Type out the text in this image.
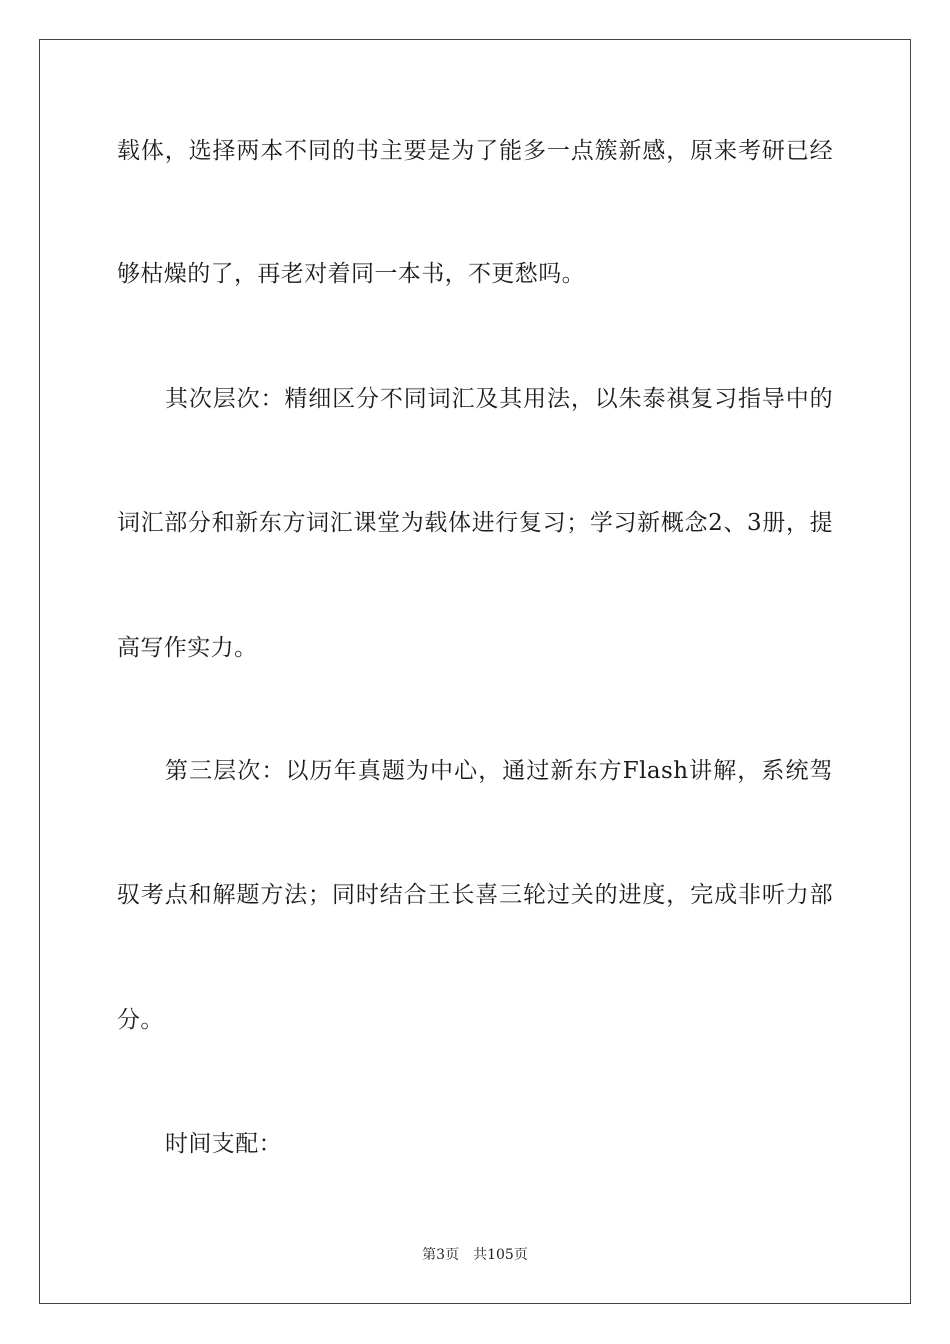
载体，选择两本不同的书主要是为了能多一点簇新感，原来考研已经
够枯燥的了，再老对着同一本书，不更愁吗。
其次层次：精细区分不同词汇及其用法，以朱泰祺复习指导中的
词汇部分和新东方词汇课堂为载体进行复习；学习新概念2、3册，提
高写作实力。
第三层次：以历年真题为中心，通过新东方Flash讲解，系统驾
驭考点和解题方法；同时结合王长喜三轮过关的进度，完成非听力部
分。
时间支配：
第3页 共105页
